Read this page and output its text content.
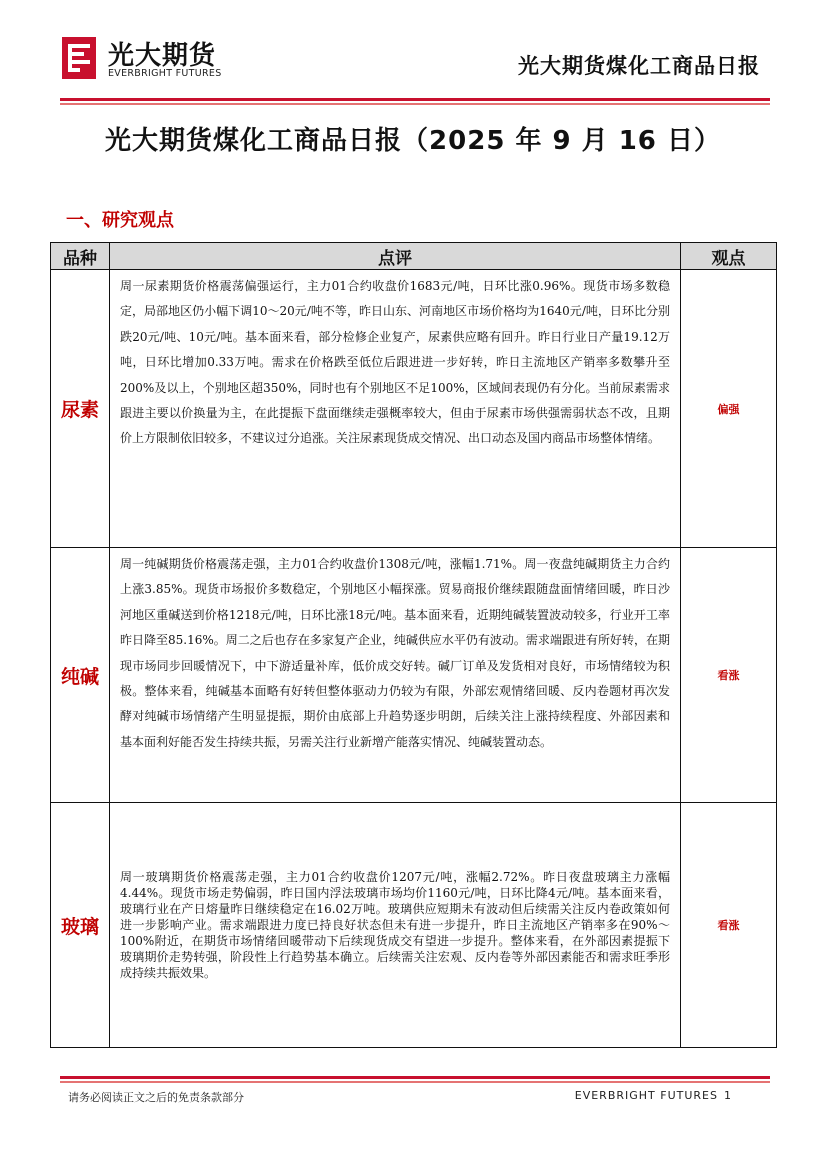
光大期货
EVERBRIGHT FUTURES	光大期货煤化工商品日报
光大期货煤化工商品日报（2025 年 9 月 16 日）
一、研究观点
品种	点评	观点
尿素	周一尿素期货价格震荡偏强运行，主力01合约收盘价1683元/吨，日环比涨0.96%。现货市场多数稳定，局部地区仍小幅下调10～20元/吨不等，昨日山东、河南地区市场价格均为1640元/吨，日环比分别跌20元/吨、10元/吨。基本面来看，部分检修企业复产，尿素供应略有回升。昨日行业日产量19.12万吨，日环比增加0.33万吨。需求在价格跌至低位后跟进进一步好转，昨日主流地区产销率多数攀升至200%及以上，个别地区超350%，同时也有个别地区不足100%，区域间表现仍有分化。当前尿素需求跟进主要以价换量为主，在此提振下盘面继续走强概率较大，但由于尿素市场供强需弱状态不改，且期价上方限制依旧较多，不建议过分追涨。关注尿素现货成交情况、出口动态及国内商品市场整体情绪。	偏强
纯碱	周一纯碱期货价格震荡走强，主力01合约收盘价1308元/吨，涨幅1.71%。周一夜盘纯碱期货主力合约上涨3.85%。现货市场报价多数稳定，个别地区小幅探涨。贸易商报价继续跟随盘面情绪回暖，昨日沙河地区重碱送到价格1218元/吨，日环比涨18元/吨。基本面来看，近期纯碱装置波动较多，行业开工率昨日降至85.16%。周二之后也存在多家复产企业，纯碱供应水平仍有波动。需求端跟进有所好转，在期现市场同步回暖情况下，中下游适量补库，低价成交好转。碱厂订单及发货相对良好，市场情绪较为积极。整体来看，纯碱基本面略有好转但整体驱动力仍较为有限，外部宏观情绪回暖、反内卷题材再次发酵对纯碱市场情绪产生明显提振，期价由底部上升趋势逐步明朗，后续关注上涨持续程度、外部因素和基本面利好能否发生持续共振，另需关注行业新增产能落实情况、纯碱装置动态。	看涨
玻璃	周一玻璃期货价格震荡走强，主力01合约收盘价1207元/吨，涨幅2.72%。昨日夜盘玻璃主力涨幅4.44%。现货市场走势偏弱，昨日国内浮法玻璃市场均价1160元/吨，日环比降4元/吨。基本面来看，玻璃行业在产日熔量昨日继续稳定在16.02万吨。玻璃供应短期未有波动但后续需关注反内卷政策如何进一步影响产业。需求端跟进力度已持良好状态但未有进一步提升，昨日主流地区产销率多在90%～100%附近，在期货市场情绪回暖带动下后续现货成交有望进一步提升。整体来看，在外部因素提振下玻璃期价走势转强，阶段性上行趋势基本确立。后续需关注宏观、反内卷等外部因素能否和需求旺季形成持续共振效果。	看涨
请务必阅读正文之后的免责条款部分	EVERBRIGHT FUTURES 1
